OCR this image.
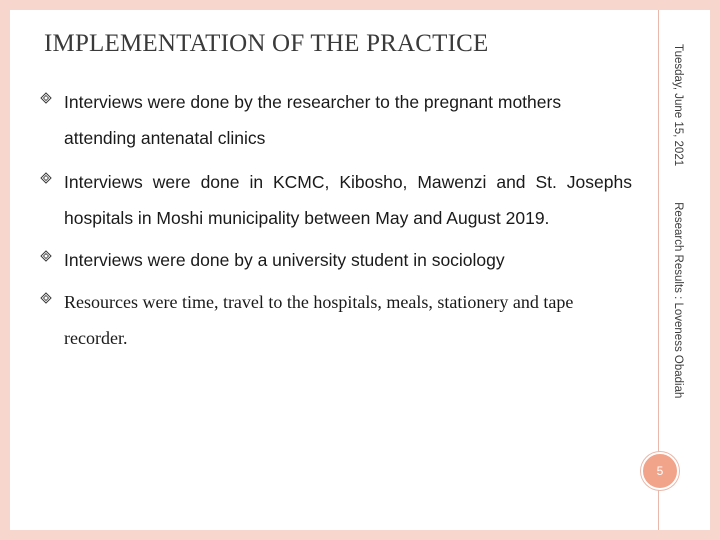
IMPLEMENTATION OF THE PRACTICE
Interviews were done by the researcher to the pregnant mothers attending antenatal clinics
Interviews were done in KCMC, Kibosho, Mawenzi and St. Josephs hospitals in Moshi municipality between May and August 2019.
Interviews were done by a university student in sociology
Resources were time, travel to the hospitals, meals, stationery and tape recorder.
Tuesday, June 15, 2021Research Results : Loveness Obadiah
5
